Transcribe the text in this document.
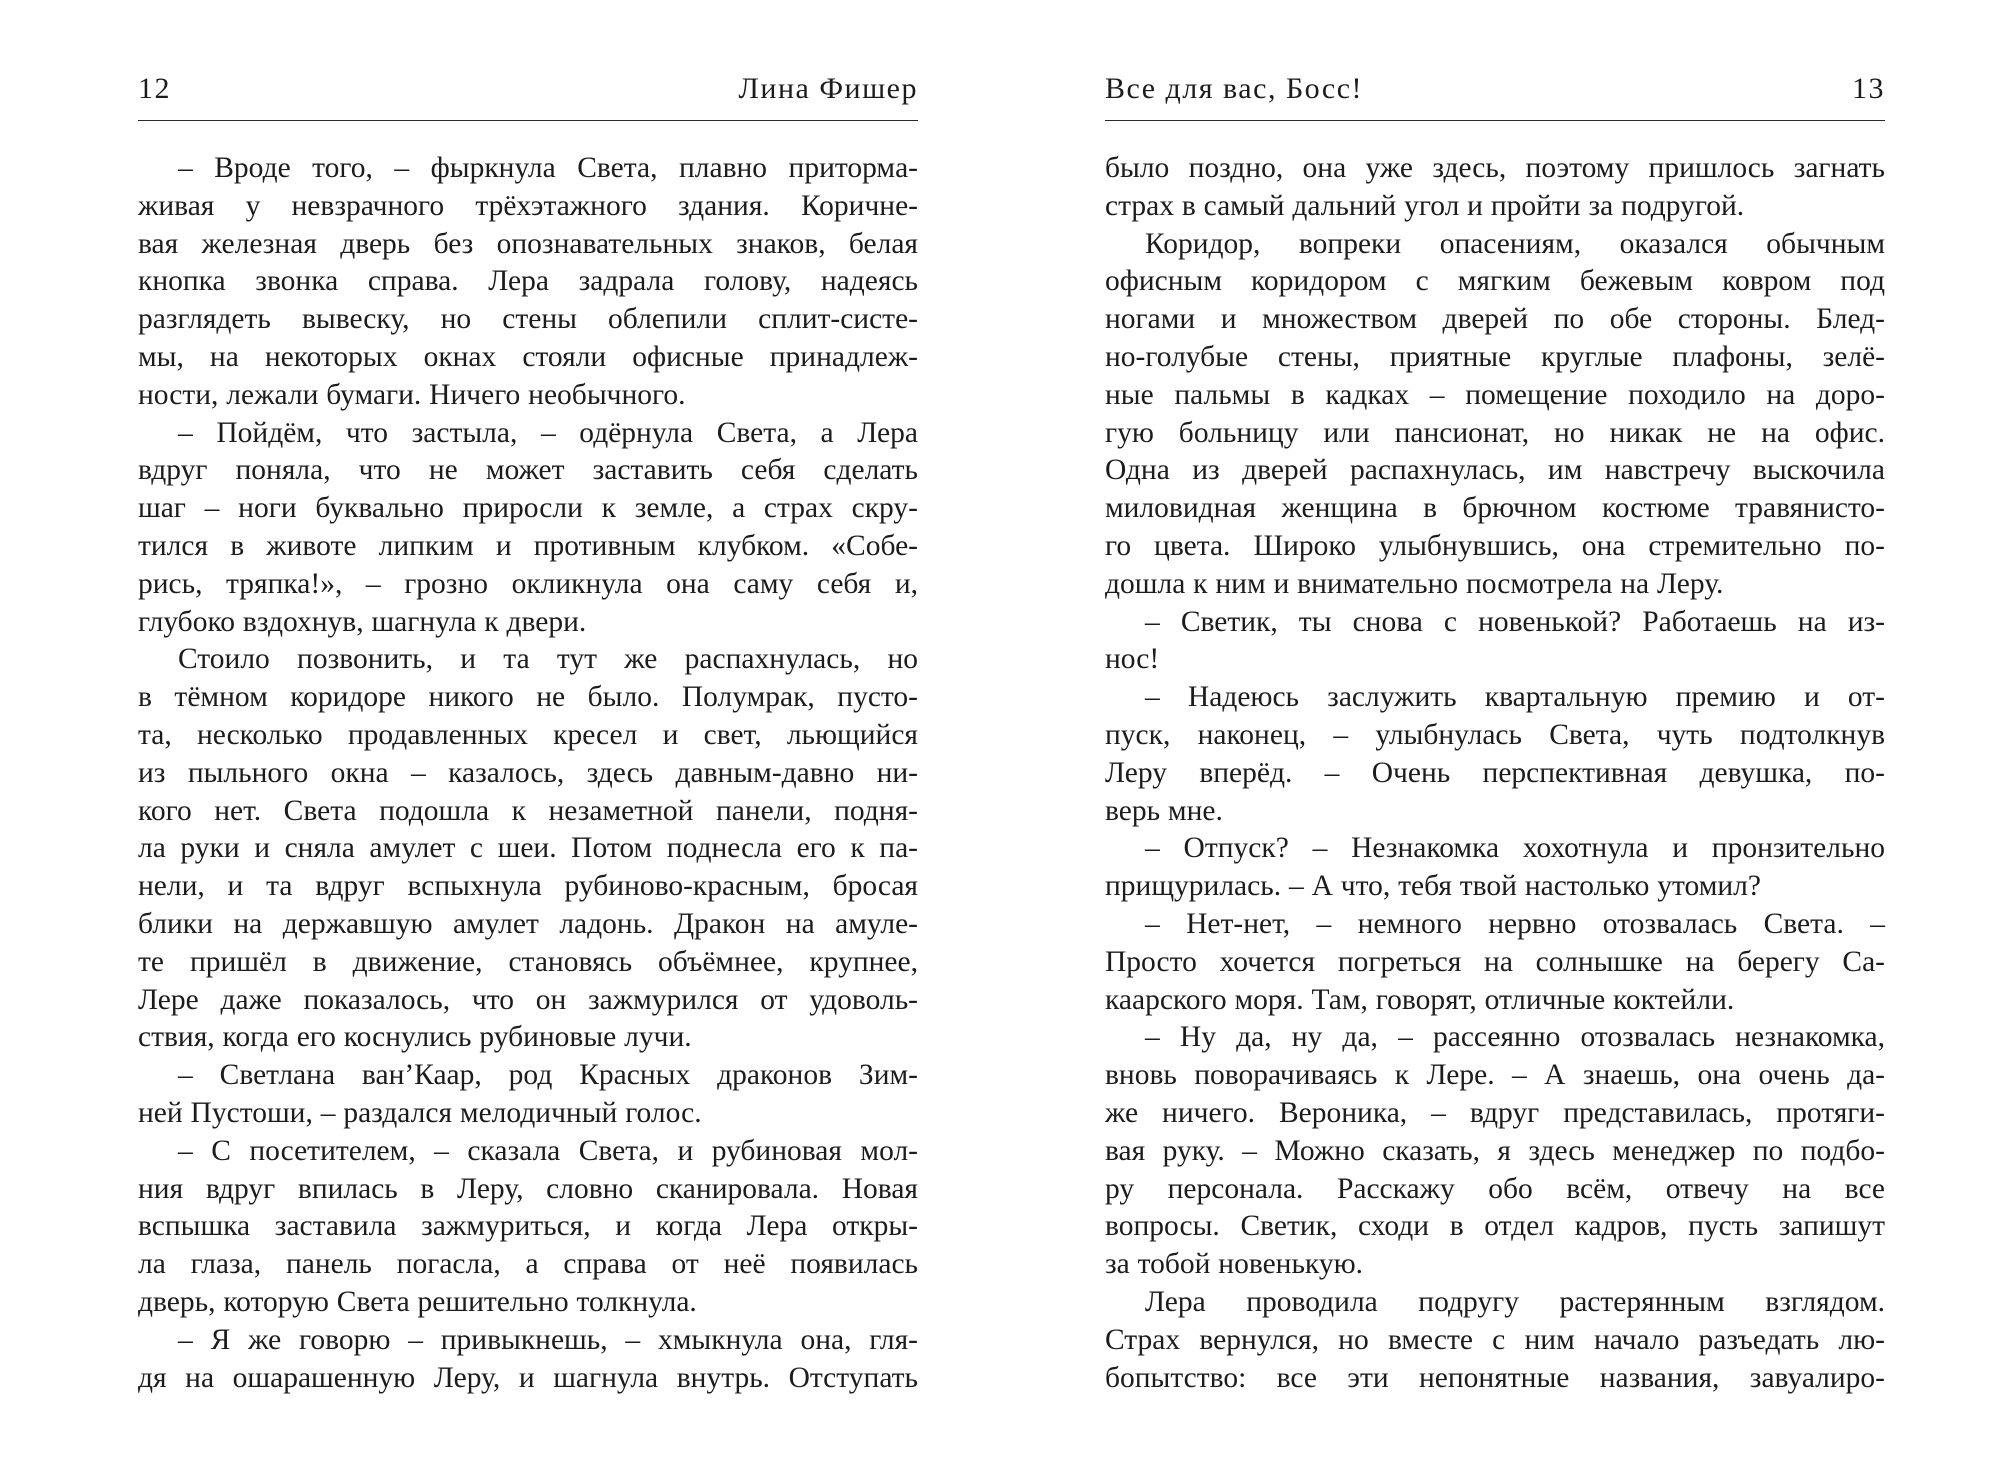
12	Лина Фишер
– Вроде того, – фыркнула Света, плавно притормa-
живая у невзрачного трёхэтажного здания. Коричне-
вая железная дверь без опознавательных знаков, белая
кнопка звонка справа. Лера задрала голову, надеясь
разглядеть вывеску, но стены облепили сплит-систе-
мы, на некоторых окнах стояли офисные принадлеж-
ности, лежали бумаги. Ничего необычного.
– Пойдём, что застыла, – одёрнула Света, а Лера
вдруг поняла, что не может заставить себя сделать
шаг – ноги буквально приросли к земле, а страх скру-
тился в животе липким и противным клубком. «Собе-
рись, тряпка!», – грозно окликнула она саму себя и,
глубоко вздохнув, шагнула к двери.
Стоило позвонить, и та тут же распахнулась, но
в тёмном коридоре никого не было. Полумрак, пусто-
та, несколько продавленных кресел и свет, льющийся
из пыльного окна – казалось, здесь давным-давно ни-
кого нет. Света подошла к незаметной панели, подня-
ла руки и сняла амулет с шеи. Потом поднесла его к па-
нели, и та вдруг вспыхнула рубиново-красным, бросая
блики на державшую амулет ладонь. Дракон на амуле-
те пришёл в движение, становясь объёмнее, крупнее,
Лере даже показалось, что он зажмурился от удоволь-
ствия, когда его коснулись рубиновые лучи.
– Светлана ван’Каар, род Красных драконов Зим-
ней Пустоши, – раздался мелодичный голос.
– С посетителем, – сказала Света, и рубиновая мол-
ния вдруг впилась в Леру, словно сканировала. Новая
вспышка заставила зажмуриться, и когда Лера откры-
ла глаза, панель погасла, а справа от неё появилась
дверь, которую Света решительно толкнула.
– Я же говорю – привыкнешь, – хмыкнула она, гля-
дя на ошарашенную Леру, и шагнула внутрь. Отступать
Все для вас, Босс!	13
было поздно, она уже здесь, поэтому пришлось загнать
страх в самый дальний угол и пройти за подругой.
Коридор, вопреки опасениям, оказался обычным
офисным коридором с мягким бежевым ковром под
ногами и множеством дверей по обе стороны. Блед-
но-голубые стены, приятные круглые плафоны, зелё-
ные пальмы в кадках – помещение походило на доро-
гую больницу или пансионат, но никак не на офис.
Одна из дверей распахнулась, им навстречу выскочила
миловидная женщина в брючном костюме травянисто-
го цвета. Широко улыбнувшись, она стремительно по-
дошла к ним и внимательно посмотрела на Леру.
– Светик, ты снова с новенькой? Работаешь на из-
нос!
– Надеюсь заслужить квартальную премию и от-
пуск, наконец, – улыбнулась Света, чуть подтолкнув
Леру вперёд. – Очень перспективная девушка, по-
верь мне.
– Отпуск? – Незнакомка хохотнула и пронзительно
прищурилась. – А что, тебя твой настолько утомил?
– Нет-нет, – немного нервно отозвалась Света. –
Просто хочется погреться на солнышке на берегу Са-
каарского моря. Там, говорят, отличные коктейли.
– Ну да, ну да, – рассеянно отозвалась незнакомка,
вновь поворачиваясь к Лере. – А знаешь, она очень да-
же ничего. Вероника, – вдруг представилась, протяги-
вая руку. – Можно сказать, я здесь менеджер по подбо-
ру персонала. Расскажу обо всём, отвечу на все
вопросы. Светик, сходи в отдел кадров, пусть запишут
за тобой новенькую.
Лера проводила подругу растерянным взглядом.
Страх вернулся, но вместе с ним начало разъедать лю-
бопытство: все эти непонятные названия, завуалиро-
